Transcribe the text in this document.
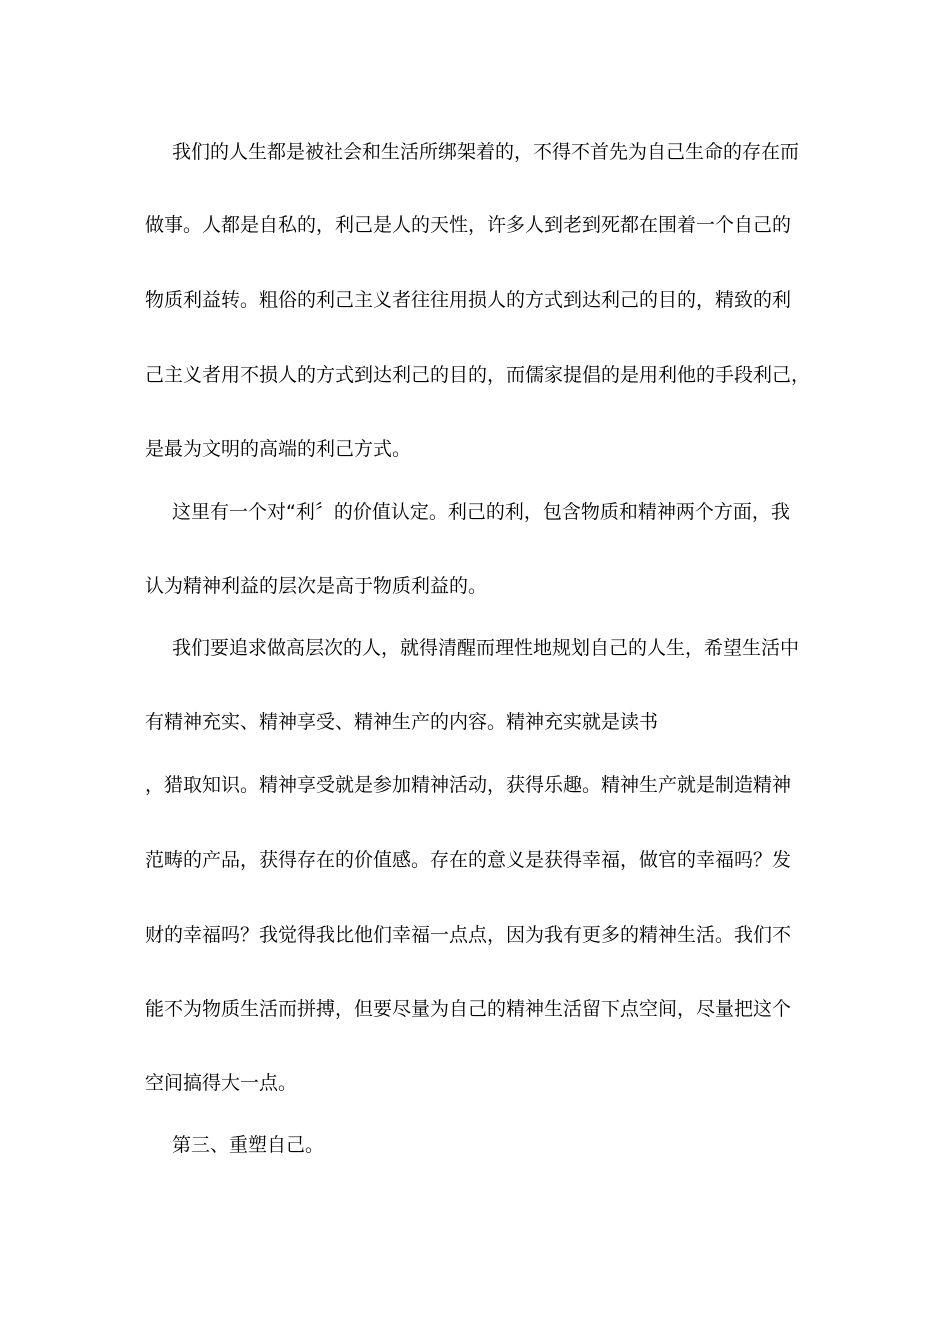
我们的人生都是被社会和生活所绑架着的，不得不首先为自己生命的存在而
做事。人都是自私的，利己是人的天性，许多人到老到死都在围着一个自己的
物质利益转。粗俗的利己主义者往往用损人的方式到达利己的目的，精致的利
己主义者用不损人的方式到达利己的目的，而儒家提倡的是用利他的手段利己，
是最为文明的高端的利己方式。
这里有一个对“利〞的价值认定。利己的利，包含物质和精神两个方面，我
认为精神利益的层次是高于物质利益的。
我们要追求做高层次的人，就得清醒而理性地规划自己的人生，希望生活中
有精神充实、精神享受、精神生产的内容。精神充实就是读书
，猎取知识。精神享受就是参加精神活动，获得乐趣。精神生产就是制造精神
范畴的产品，获得存在的价值感。存在的意义是获得幸福，做官的幸福吗？发
财的幸福吗？我觉得我比他们幸福一点点，因为我有更多的精神生活。我们不
能不为物质生活而拼搏，但要尽量为自己的精神生活留下点空间，尽量把这个
空间搞得大一点。
第三、重塑自己。
